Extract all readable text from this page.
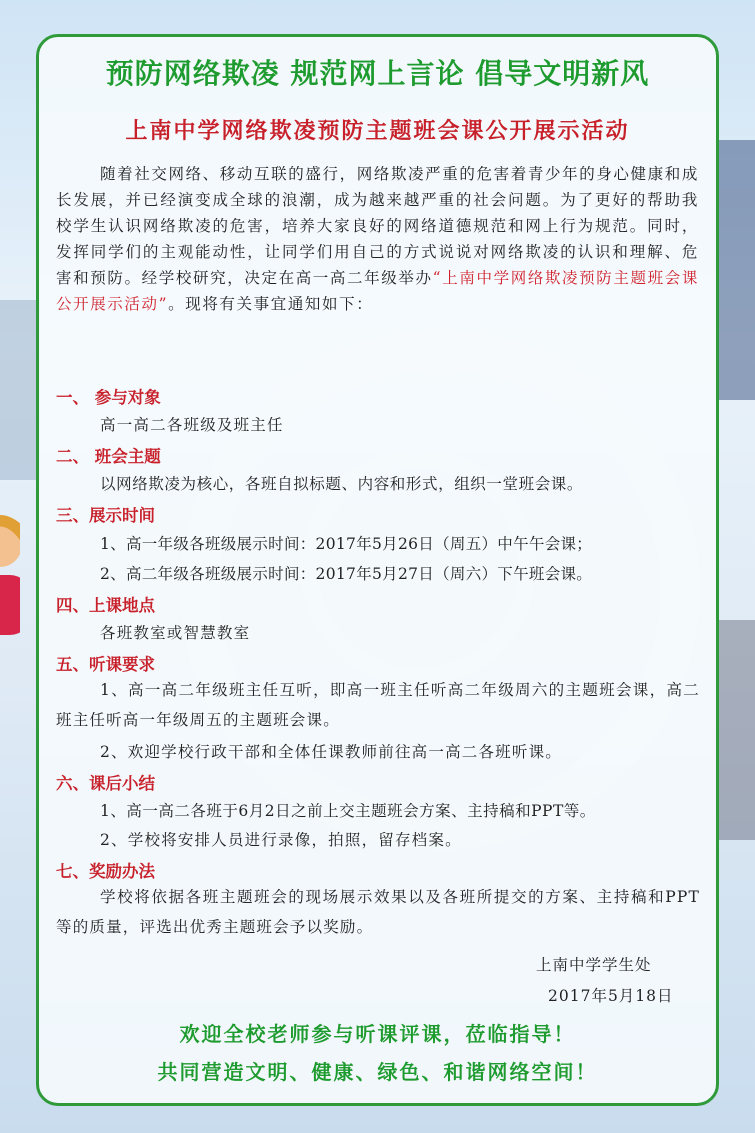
预防网络欺凌 规范网上言论 倡导文明新风
上南中学网络欺凌预防主题班会课公开展示活动
随着社交网络、移动互联的盛行，网络欺凌严重的危害着青少年的身心健康和成长发展，并已经演变成全球的浪潮，成为越来越严重的社会问题。为了更好的帮助我校学生认识网络欺凌的危害，培养大家良好的网络道德规范和网上行为规范。同时，发挥同学们的主观能动性，让同学们用自己的方式说说对网络欺凌的认识和理解、危害和预防。经学校研究，决定在高一高二年级举办“上南中学网络欺凌预防主题班会课公开展示活动”。现将有关事宜通知如下：
一、 参与对象
高一高二各班级及班主任
二、 班会主题
以网络欺凌为核心，各班自拟标题、内容和形式，组织一堂班会课。
三、展示时间
1、高一年级各班级展示时间：2017年5月26日（周五）中午午会课；
2、高二年级各班级展示时间：2017年5月27日（周六）下午班会课。
四、上课地点
各班教室或智慧教室
五、听课要求
1、高一高二年级班主任互听，即高一班主任听高二年级周六的主题班会课，高二班主任听高一年级周五的主题班会课。
2、欢迎学校行政干部和全体任课教师前往高一高二各班听课。
六、课后小结
1、高一高二各班于6月2日之前上交主题班会方案、主持稿和PPT等。
2、学校将安排人员进行录像，拍照，留存档案。
七、奖励办法
学校将依据各班主题班会的现场展示效果以及各班所提交的方案、主持稿和PPT等的质量，评选出优秀主题班会予以奖励。
上南中学学生处
2017年5月18日
欢迎全校老师参与听课评课，莅临指导！
共同营造文明、健康、绿色、和谐网络空间！
